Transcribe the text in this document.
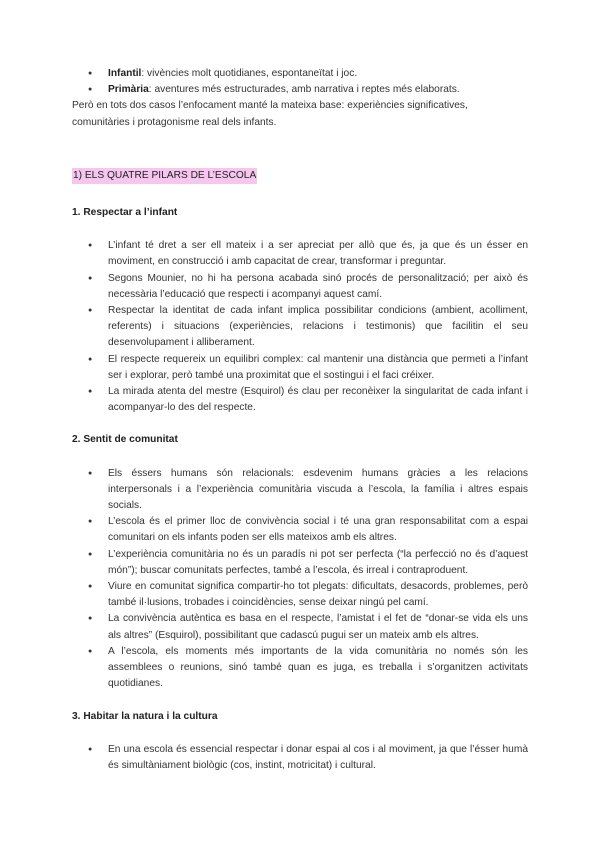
● Infantil: vivències molt quotidianes, espontaneïtat i joc.
● Primària: aventures més estructurades, amb narrativa i reptes més elaborats.

Però en tots dos casos l’enfocament manté la mateixa base: experiències significatives, comunitàries i protagonisme real dels infants.

1) ELS QUATRE PILARS DE L’ESCOLA
1. Respectar a l’infant
● L’infant té dret a ser ell mateix i a ser apreciat per allò que és, ja que és un ésser en moviment, en construcció i amb capacitat de crear, transformar i preguntar.
● Segons Mounier, no hi ha persona acabada sinó procés de personalització; per això és necessària l’educació que respecti i acompanyi aquest camí.
● Respectar la identitat de cada infant implica possibilitar condicions (ambient, acolliment, referents) i situacions (experiències, relacions i testimonis) que facilitin el seu desenvolupament i alliberament.
● El respecte requereix un equilibri complex: cal mantenir una distància que permeti a l’infant ser i explorar, però també una proximitat que el sostingui i el faci créixer.
● La mirada atenta del mestre (Esquirol) és clau per reconèixer la singularitat de cada infant i acompanyar-lo des del respecte.
2. Sentit de comunitat
● Els éssers humans són relacionals: esdevenim humans gràcies a les relacions interpersonals i a l’experiència comunitària viscuda a l’escola, la família i altres espais socials.
● L’escola és el primer lloc de convivència social i té una gran responsabilitat com a espai comunitari on els infants poden ser ells mateixos amb els altres.
● L’experiència comunitària no és un paradís ni pot ser perfecta (“la perfecció no és d’aquest món”); buscar comunitats perfectes, també a l’escola, és irreal i contraproduent.
● Viure en comunitat significa compartir-ho tot plegats: dificultats, desacords, problemes, però també il·lusions, trobades i coincidències, sense deixar ningú pel camí.
● La convivència autèntica es basa en el respecte, l’amistat i el fet de “donar-se vida els uns als altres” (Esquirol), possibilitant que cadascú pugui ser un mateix amb els altres.
● A l’escola, els moments més importants de la vida comunitària no només són les assemblees o reunions, sinó també quan es juga, es treballa i s’organitzen activitats quotidianes.
3. Habitar la natura i la cultura
● En una escola és essencial respectar i donar espai al cos i al moviment, ja que l’ésser humà és simultàniament biològic (cos, instint, motricitat) i cultural.
